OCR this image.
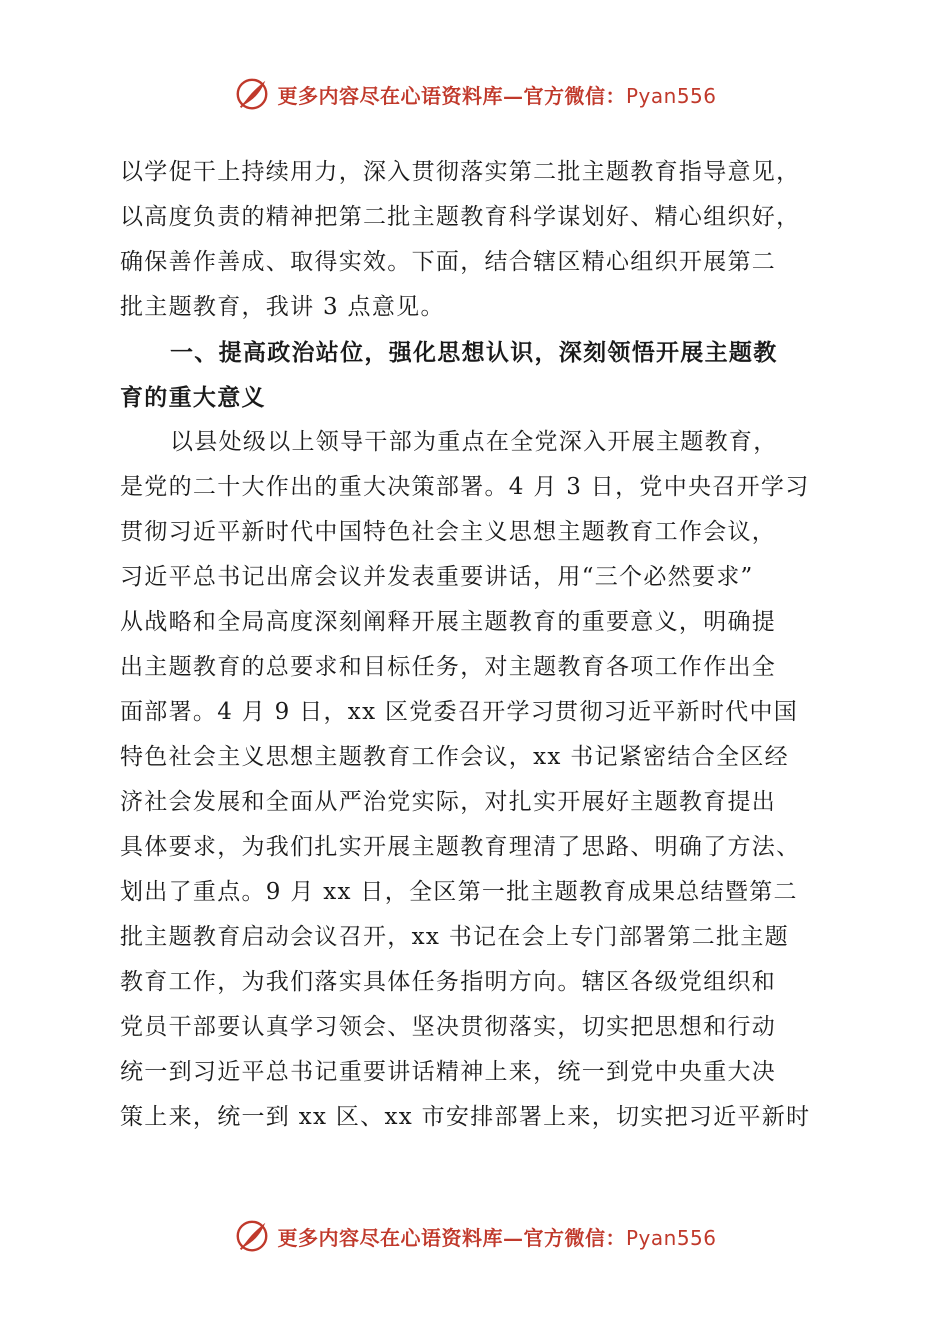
更多内容尽在心语资料库—官方微信：Pyan556
以学促干上持续用力，深入贯彻落实第二批主题教育指导意见，
以高度负责的精神把第二批主题教育科学谋划好、精心组织好，
确保善作善成、取得实效。下面，结合辖区精心组织开展第二
批主题教育，我讲 3 点意见。
一、提高政治站位，强化思想认识，深刻领悟开展主题教
育的重大意义
以县处级以上领导干部为重点在全党深入开展主题教育，
是党的二十大作出的重大决策部署。4 月 3 日，党中央召开学习
贯彻习近平新时代中国特色社会主义思想主题教育工作会议，
习近平总书记出席会议并发表重要讲话，用“三个必然要求”
从战略和全局高度深刻阐释开展主题教育的重要意义，明确提
出主题教育的总要求和目标任务，对主题教育各项工作作出全
面部署。4 月 9 日，xx 区党委召开学习贯彻习近平新时代中国
特色社会主义思想主题教育工作会议，xx 书记紧密结合全区经
济社会发展和全面从严治党实际，对扎实开展好主题教育提出
具体要求，为我们扎实开展主题教育理清了思路、明确了方法、
划出了重点。9 月 xx 日，全区第一批主题教育成果总结暨第二
批主题教育启动会议召开，xx 书记在会上专门部署第二批主题
教育工作，为我们落实具体任务指明方向。辖区各级党组织和
党员干部要认真学习领会、坚决贯彻落实，切实把思想和行动
统一到习近平总书记重要讲话精神上来，统一到党中央重大决
策上来，统一到 xx 区、xx 市安排部署上来，切实把习近平新时
更多内容尽在心语资料库—官方微信：Pyan556
